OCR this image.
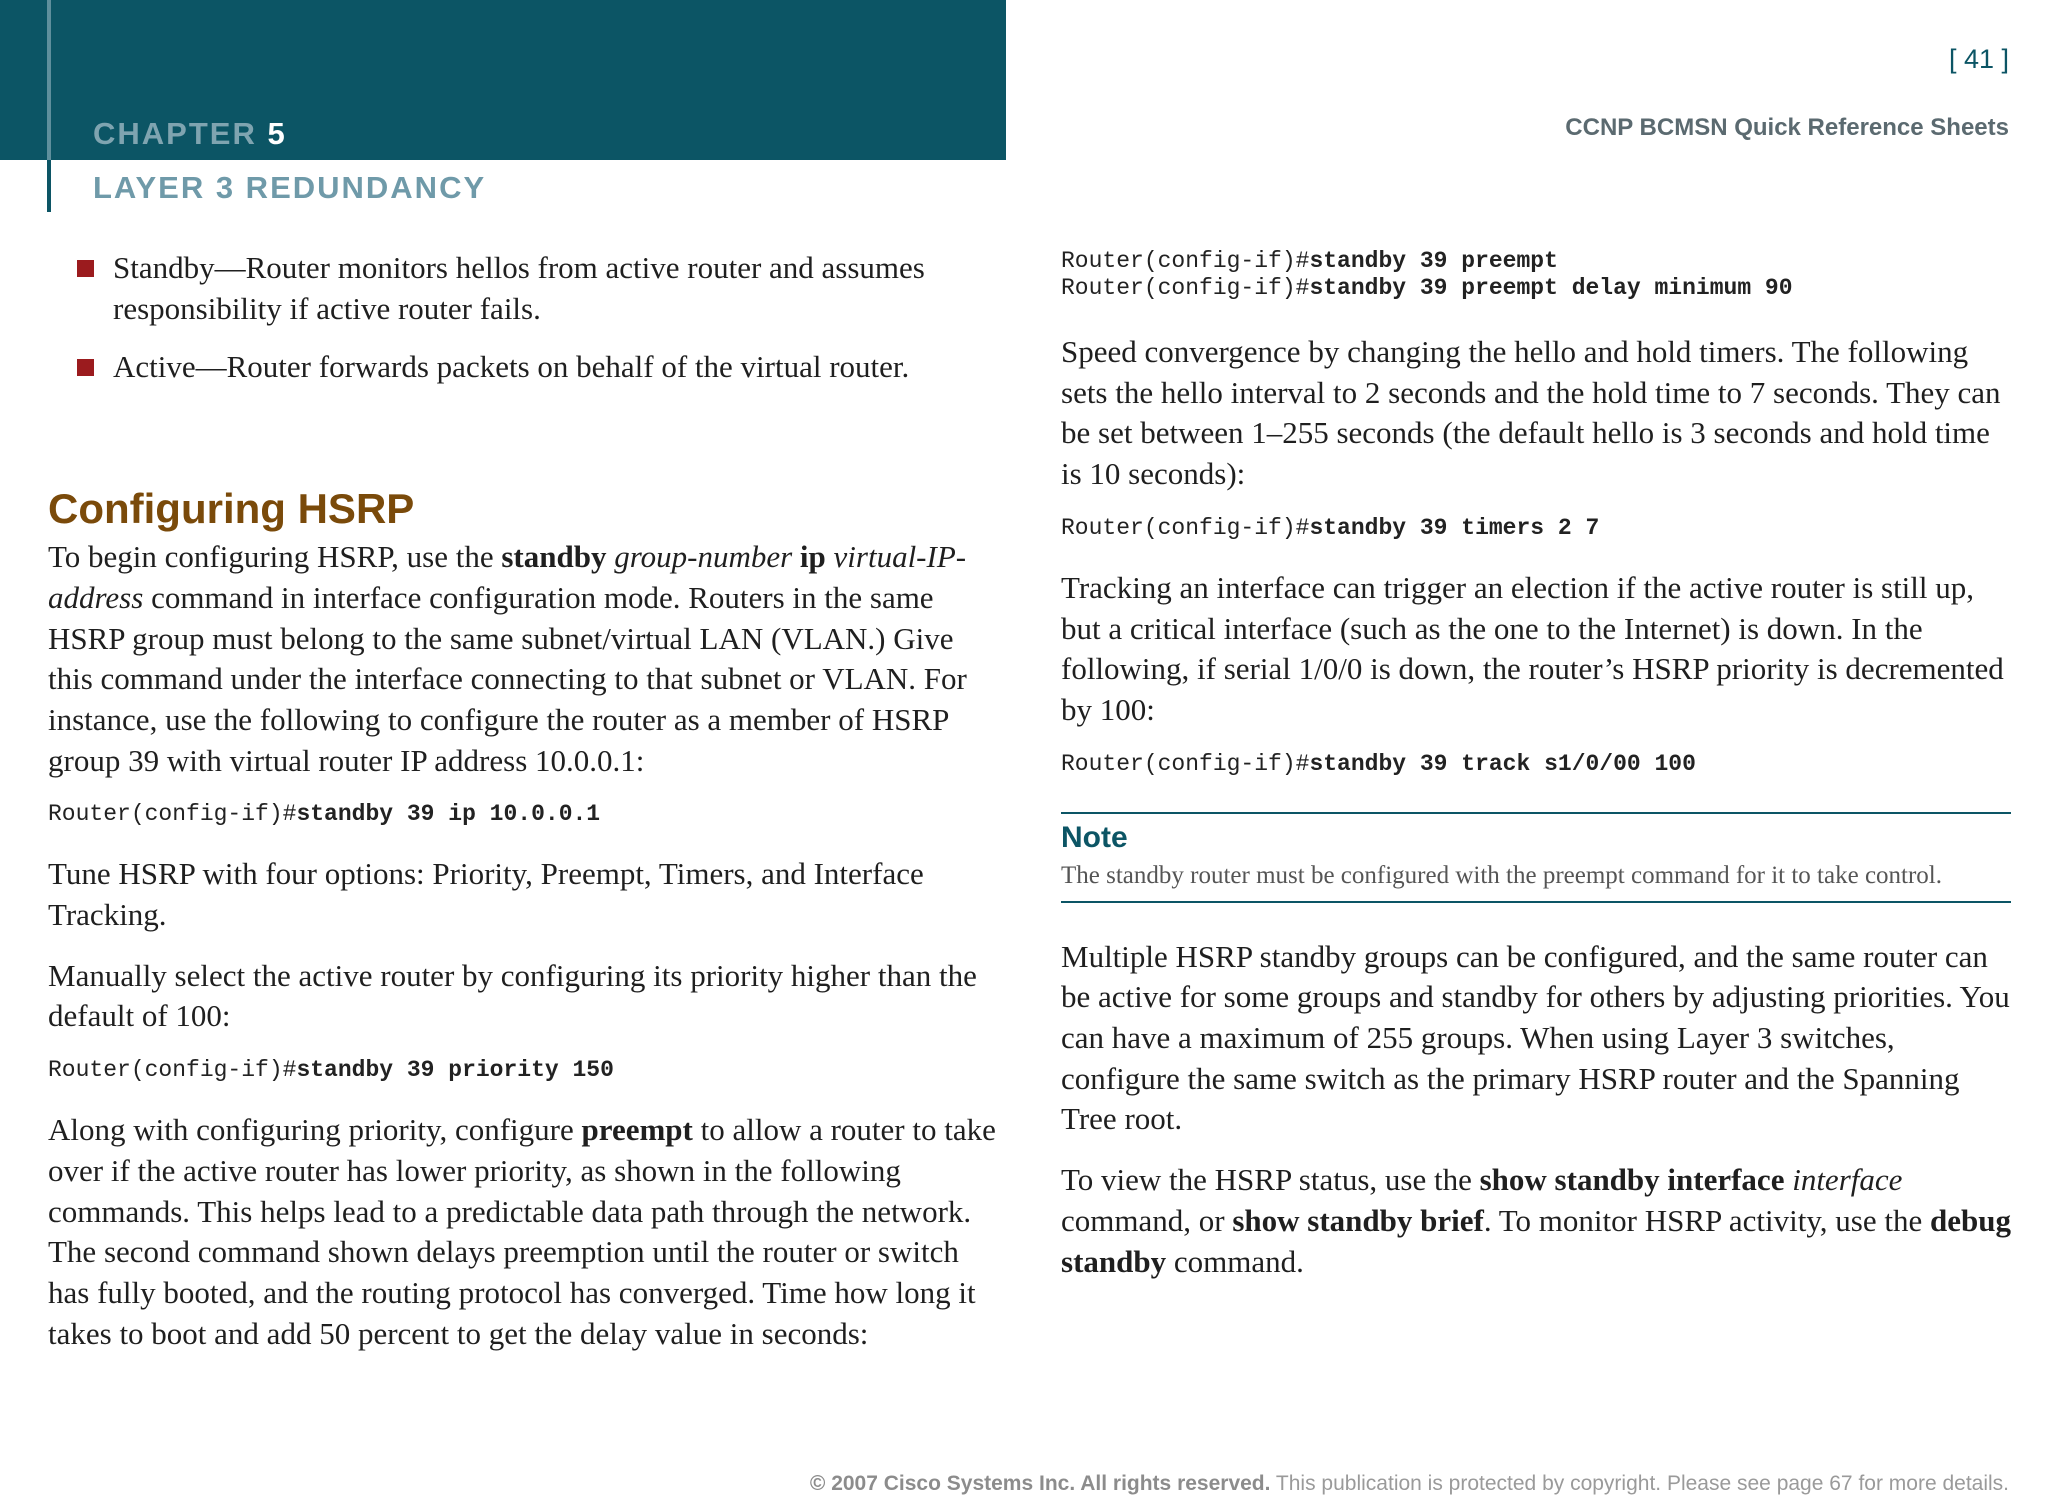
CHAPTER 5
LAYER 3 REDUNDANCY
[ 41 ]
CCNP BCMSN Quick Reference Sheets
Standby—Router monitors hellos from active router and assumes responsibility if active router fails.
Active—Router forwards packets on behalf of the virtual router.
Configuring HSRP

To begin configuring HSRP, use the standby group-number ip virtual-IP-address command in interface configuration mode. Routers in the same HSRP group must belong to the same subnet/virtual LAN (VLAN.) Give this command under the interface connecting to that subnet or VLAN. For instance, use the following to configure the router as a member of HSRP group 39 with virtual router IP address 10.0.0.1:

Router(config-if)#standby 39 ip 10.0.0.1

Tune HSRP with four options: Priority, Preempt, Timers, and Interface Tracking.

Manually select the active router by configuring its priority higher than the default of 100:

Router(config-if)#standby 39 priority 150

Along with configuring priority, configure preempt to allow a router to take over if the active router has lower priority, as shown in the following commands. This helps lead to a predictable data path through the network. The second command shown delays preemption until the router or switch has fully booted, and the routing protocol has converged. Time how long it takes to boot and add 50 percent to get the delay value in seconds:

Router(config-if)#standby 39 preempt
Router(config-if)#standby 39 preempt delay minimum 90

Speed convergence by changing the hello and hold timers. The following sets the hello interval to 2 seconds and the hold time to 7 seconds. They can be set between 1–255 seconds (the default hello is 3 seconds and hold time is 10 seconds):

Router(config-if)#standby 39 timers 2 7

Tracking an interface can trigger an election if the active router is still up, but a critical interface (such as the one to the Internet) is down. In the following, if serial 1/0/0 is down, the router’s HSRP priority is decremented by 100:

Router(config-if)#standby 39 track s1/0/00 100
Note
The standby router must be configured with the preempt command for it to take control.

Multiple HSRP standby groups can be configured, and the same router can be active for some groups and standby for others by adjusting priorities. You can have a maximum of 255 groups. When using Layer 3 switches, configure the same switch as the primary HSRP router and the Spanning Tree root.

To view the HSRP status, use the show standby interface interface command, or show standby brief. To monitor HSRP activity, use the debug standby command.

© 2007 Cisco Systems Inc. All rights reserved. This publication is protected by copyright. Please see page 67 for more details.
